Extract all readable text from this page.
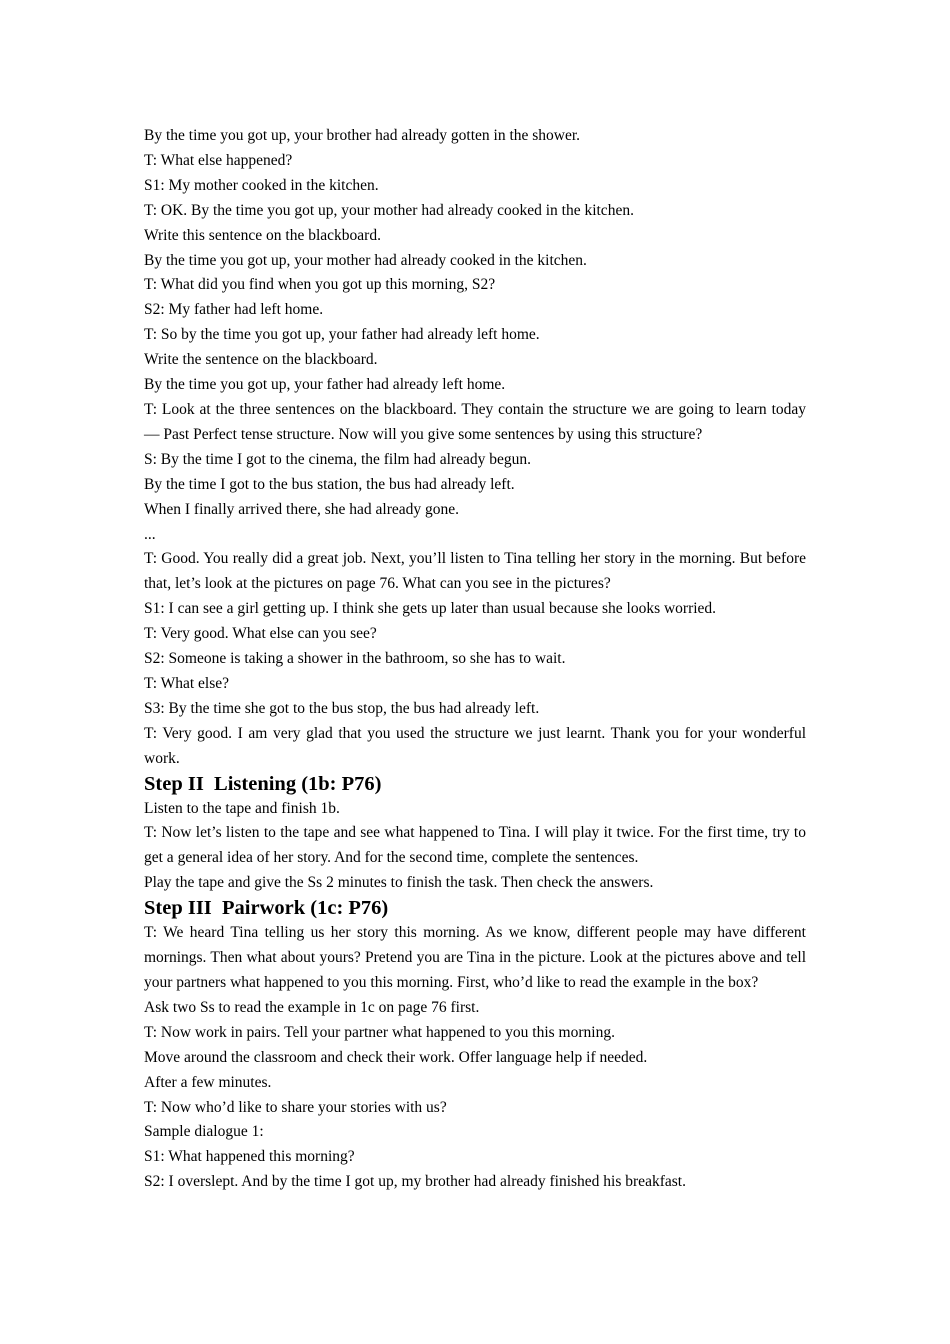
By the time you got up, your brother had already gotten in the shower.

T: What else happened?

S1: My mother cooked in the kitchen.

T: OK. By the time you got up, your mother had already cooked in the kitchen.

Write this sentence on the blackboard.

By the time you got up, your mother had already cooked in the kitchen.

T: What did you find when you got up this morning, S2?

S2: My father had left home.

T: So by the time you got up, your father had already left home.

Write the sentence on the blackboard.

By the time you got up, your father had already left home.

T: Look at the three sentences on the blackboard. They contain the structure we are going to learn today — Past Perfect tense structure. Now will you give some sentences by using this structure?

S: By the time I got to the cinema, the film had already begun.

By the time I got to the bus station, the bus had already left.

When I finally arrived there, she had already gone.

...

T: Good. You really did a great job. Next, you’ll listen to Tina telling her story in the morning. But before that, let’s look at the pictures on page 76. What can you see in the pictures?

S1: I can see a girl getting up. I think she gets up later than usual because she looks worried.

T: Very good. What else can you see?

S2: Someone is taking a shower in the bathroom, so she has to wait.

T: What else?

S3: By the time she got to the bus stop, the bus had already left.

T: Very good. I am very glad that you used the structure we just learnt. Thank you for your wonderful work.

Step II  Listening (1b: P76)

Listen to the tape and finish 1b.

T: Now let’s listen to the tape and see what happened to Tina. I will play it twice. For the first time, try to get a general idea of her story. And for the second time, complete the sentences.

Play the tape and give the Ss 2 minutes to finish the task. Then check the answers.

Step III  Pairwork (1c: P76)

T: We heard Tina telling us her story this morning. As we know, different people may have different mornings. Then what about yours? Pretend you are Tina in the picture. Look at the pictures above and tell your partners what happened to you this morning. First, who’d like to read the example in the box?

Ask two Ss to read the example in 1c on page 76 first.

T: Now work in pairs. Tell your partner what happened to you this morning.

Move around the classroom and check their work. Offer language help if needed.

After a few minutes.

T: Now who’d like to share your stories with us?

Sample dialogue 1:

S1: What happened this morning?

S2: I overslept. And by the time I got up, my brother had already finished his breakfast.
